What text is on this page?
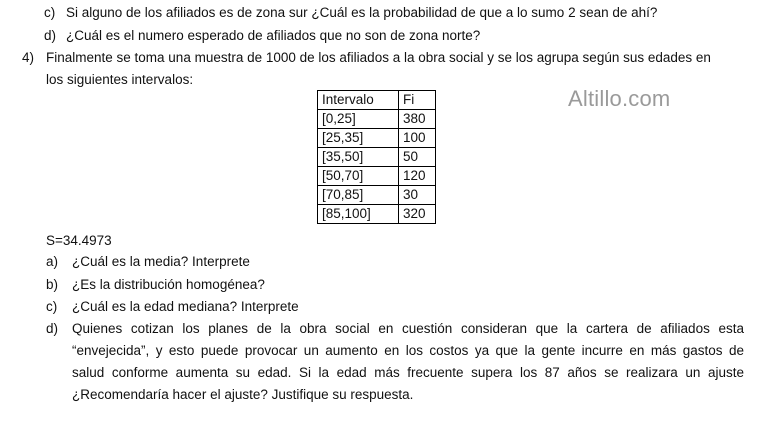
c) Si alguno de los afiliados es de zona sur ¿Cuál es la probabilidad de que a lo sumo 2 sean de ahí?
d) ¿Cuál es el numero esperado de afiliados que no son de zona norte?
4) Finalmente se toma una muestra de 1000 de los afiliados a la obra social y se los agrupa según sus edades en
los siguientes intervalos:
Altillo.com
Intervalo	Fi
[0,25]	380
[25,35]	100
[35,50]	50
[50,70]	120
[70,85]	30
[85,100]	320
S=34.4973
a) ¿Cuál es la media? Interprete
b) ¿Es la distribución homogénea?
c) ¿Cuál es la edad mediana? Interprete
d) Quienes cotizan los planes de la obra social en cuestión consideran que la cartera de afiliados esta
“envejecida”, y esto puede provocar un aumento en los costos ya que la gente incurre en más gastos de
salud conforme aumenta su edad. Si la edad más frecuente supera los 87 años se realizara un ajuste
¿Recomendaría hacer el ajuste? Justifique su respuesta.
